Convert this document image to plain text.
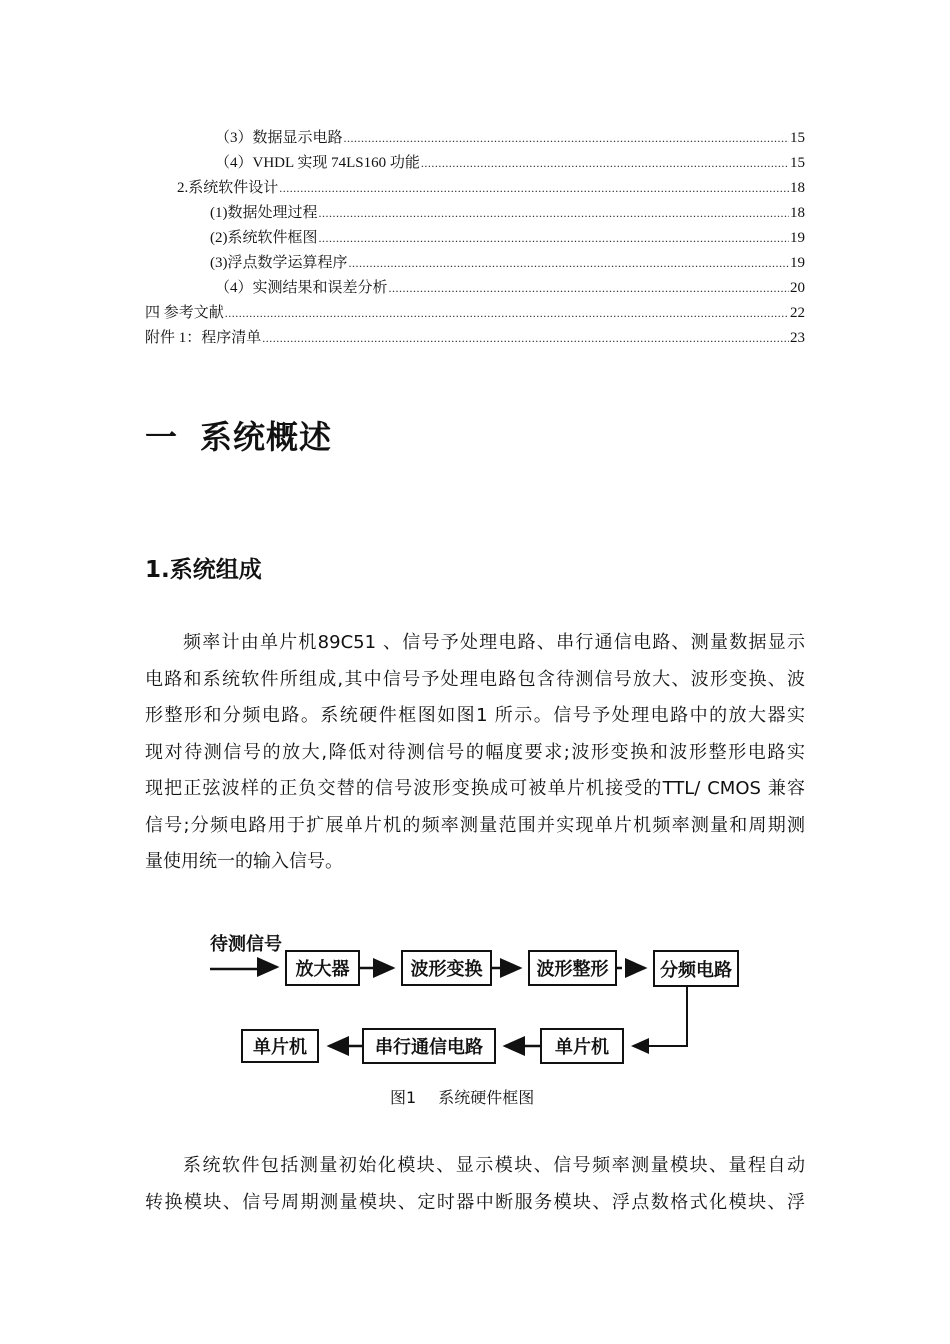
（3）数据显示电路 .....	15
（4）VHDL 实现 74LS160 功能 .....	15
2.系统软件设计 .....	18
(1)数据处理过程 .....	18
(2)系统软件框图 .....	19
(3)浮点数学运算程序 .....	19
（4）实测结果和误差分析 .....	20
四 参考文献 .....	22
附件 1：程序清单 .....	23
一 系统概述
1.系统组成
频率计由单片机89C51 、信号予处理电路、串行通信电路、测量数据显示
电路和系统软件所组成,其中信号予处理电路包含待测信号放大、波形变换、波
形整形和分频电路。系统硬件框图如图1 所示。信号予处理电路中的放大器实
现对待测信号的放大,降低对待测信号的幅度要求;波形变换和波形整形电路实
现把正弦波样的正负交替的信号波形变换成可被单片机接受的TTL/ CMOS 兼容
信号;分频电路用于扩展单片机的频率测量范围并实现单片机频率测量和周期测
量使用统一的输入信号。
待测信号
放大器	波形变换	波形整形	分频电路
单片机	串行通信电路	单片机
图1 系统硬件框图
系统软件包括测量初始化模块、显示模块、信号频率测量模块、量程自动
转换模块、信号周期测量模块、定时器中断服务模块、浮点数格式化模块、浮
